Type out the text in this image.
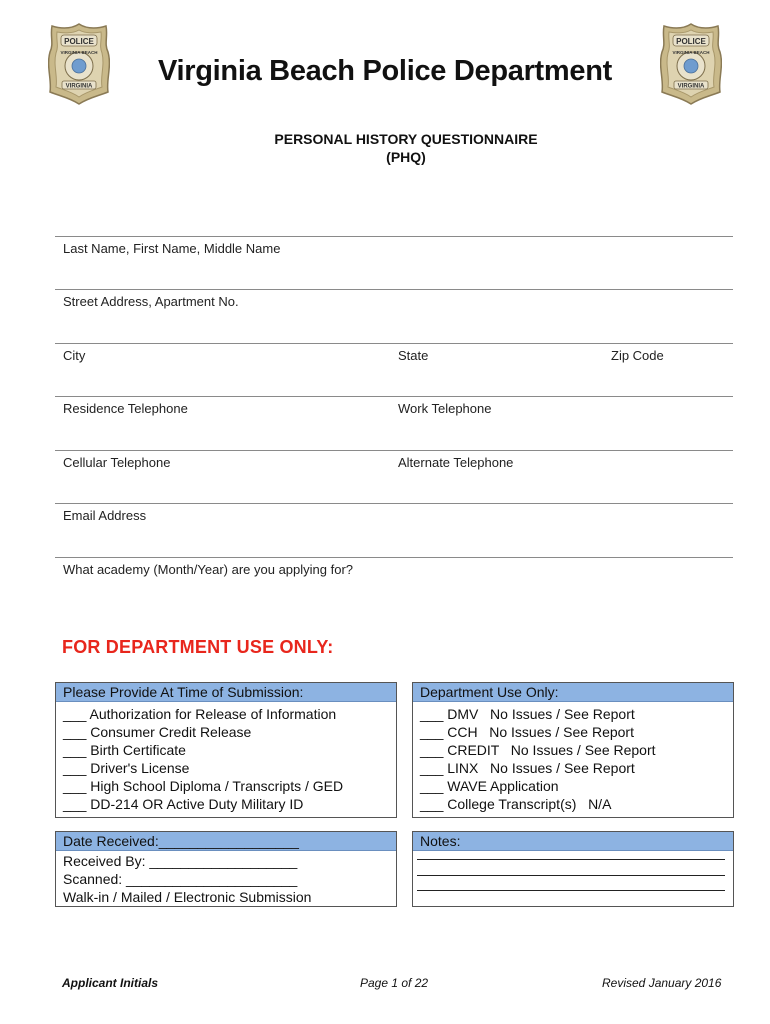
POLICE
VIRGINIA BEACH
VIRGINIA
POLICE
VIRGINIA BEACH
VIRGINIA
Virginia Beach Police Department
PERSONAL HISTORY QUESTIONNAIRE
(PHQ)
Last Name, First Name, Middle Name
Street Address, Apartment No.
City	State	Zip Code
Residence Telephone	Work Telephone
Cellular Telephone	Alternate Telephone
Email Address
What academy (Month/Year) are you applying for?
FOR DEPARTMENT USE ONLY:
Please Provide At Time of Submission:
___ Authorization for Release of Information
___ Consumer Credit Release
___ Birth Certificate
___ Driver's License
___ High School Diploma / Transcripts / GED
___ DD-214 OR Active Duty Military ID
Department Use Only:
___ DMV   No Issues / See Report
___ CCH   No Issues / See Report
___ CREDIT   No Issues / See Report
___ LINX   No Issues / See Report
___ WAVE Application
___ College Transcript(s)   N/A
Date Received:__________________
Received By: ___________________
Scanned: ______________________
Walk-in / Mailed / Electronic Submission
Notes:
Applicant Initials	Page 1 of 22	Revised January 2016
